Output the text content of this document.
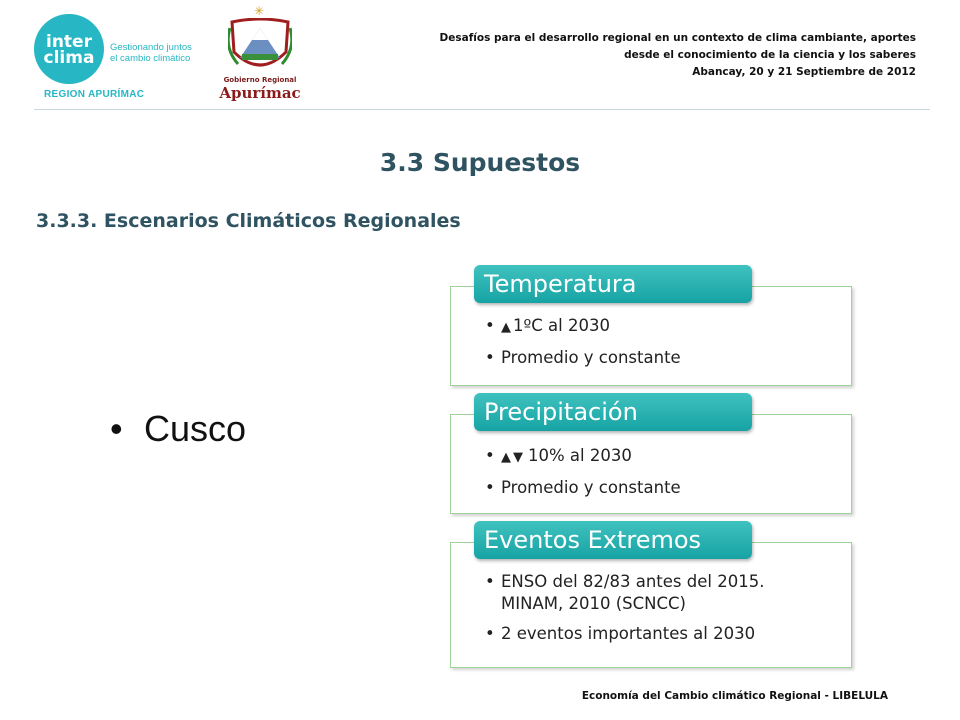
inter
clima
Gestionando juntos
el cambio climático
REGION APURÍMAC
✳
Gobierno Regional
Apurímac
Desafíos para el desarrollo regional en un contexto de clima cambiante, aportes
desde el conocimiento de la ciencia y los saberes
Abancay, 20 y 21 Septiembre de 2012
3.3 Supuestos
3.3.3. Escenarios Climáticos Regionales
• Cusco
• ▲ 1ºC al 2030
• Promedio y constante
Temperatura
• ▲ ▼ 10% al 2030
• Promedio y constante
Precipitación
• ENSO del 82/83 antes del 2015. MINAM, 2010 (SCNCC)
• 2 eventos importantes al 2030
Eventos Extremos
Economía del Cambio climático Regional - LIBELULA
